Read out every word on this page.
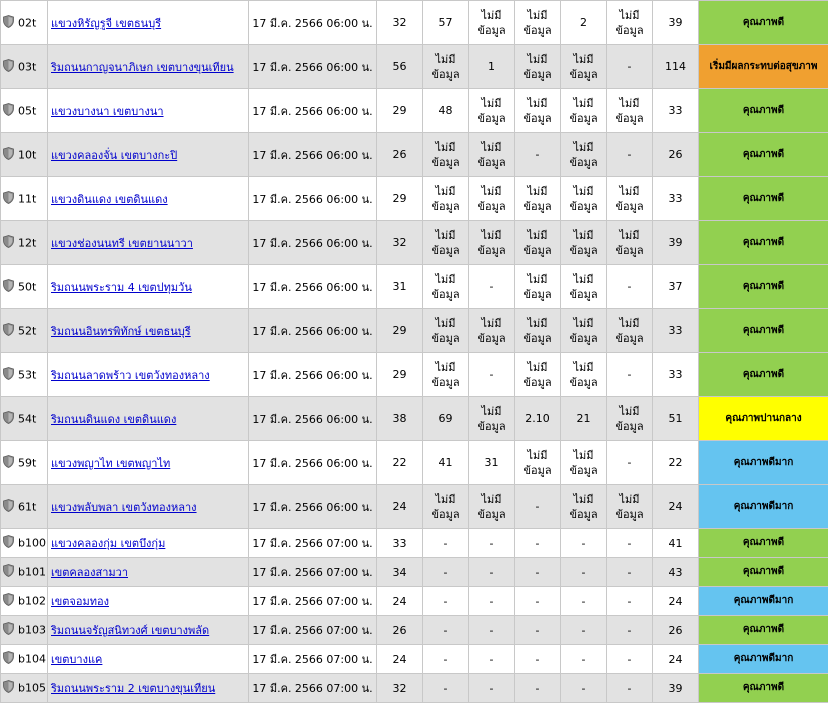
02t	แขวงหิรัญรูจี เขตธนบุรี	17 มี.ค. 2566 06:00 น.	32	57	ไม่มีข้อมูล	ไม่มีข้อมูล	2	ไม่มีข้อมูล	39	คุณภาพดี
03t	ริมถนนกาญจนาภิเษก เขตบางขุนเทียน	17 มี.ค. 2566 06:00 น.	56	ไม่มีข้อมูล	1	ไม่มีข้อมูล	ไม่มีข้อมูล	-	114	เริ่มมีผลกระทบต่อสุขภาพ
05t	แขวงบางนา เขตบางนา	17 มี.ค. 2566 06:00 น.	29	48	ไม่มีข้อมูล	ไม่มีข้อมูล	ไม่มีข้อมูล	ไม่มีข้อมูล	33	คุณภาพดี
10t	แขวงคลองจั่น เขตบางกะปิ	17 มี.ค. 2566 06:00 น.	26	ไม่มีข้อมูล	ไม่มีข้อมูล	-	ไม่มีข้อมูล	-	26	คุณภาพดี
11t	แขวงดินแดง เขตดินแดง	17 มี.ค. 2566 06:00 น.	29	ไม่มีข้อมูล	ไม่มีข้อมูล	ไม่มีข้อมูล	ไม่มีข้อมูล	ไม่มีข้อมูล	33	คุณภาพดี
12t	แขวงช่องนนทรี เขตยานนาวา	17 มี.ค. 2566 06:00 น.	32	ไม่มีข้อมูล	ไม่มีข้อมูล	ไม่มีข้อมูล	ไม่มีข้อมูล	ไม่มีข้อมูล	39	คุณภาพดี
50t	ริมถนนพระราม 4 เขตปทุมวัน	17 มี.ค. 2566 06:00 น.	31	ไม่มีข้อมูล	-	ไม่มีข้อมูล	ไม่มีข้อมูล	-	37	คุณภาพดี
52t	ริมถนนอินทรพิทักษ์ เขตธนบุรี	17 มี.ค. 2566 06:00 น.	29	ไม่มีข้อมูล	ไม่มีข้อมูล	ไม่มีข้อมูล	ไม่มีข้อมูล	ไม่มีข้อมูล	33	คุณภาพดี
53t	ริมถนนลาดพร้าว เขตวังทองหลาง	17 มี.ค. 2566 06:00 น.	29	ไม่มีข้อมูล	-	ไม่มีข้อมูล	ไม่มีข้อมูล	-	33	คุณภาพดี
54t	ริมถนนดินแดง เขตดินแดง	17 มี.ค. 2566 06:00 น.	38	69	ไม่มีข้อมูล	2.10	21	ไม่มีข้อมูล	51	คุณภาพปานกลาง
59t	แขวงพญาไท เขตพญาไท	17 มี.ค. 2566 06:00 น.	22	41	31	ไม่มีข้อมูล	ไม่มีข้อมูล	-	22	คุณภาพดีมาก
61t	แขวงพลับพลา เขตวังทองหลาง	17 มี.ค. 2566 06:00 น.	24	ไม่มีข้อมูล	ไม่มีข้อมูล	-	ไม่มีข้อมูล	ไม่มีข้อมูล	24	คุณภาพดีมาก
b100	แขวงคลองกุ่ม เขตบึงกุ่ม	17 มี.ค. 2566 07:00 น.	33	-	-	-	-	-	41	คุณภาพดี
b101	เขตคลองสามวา	17 มี.ค. 2566 07:00 น.	34	-	-	-	-	-	43	คุณภาพดี
b102	เขตจอมทอง	17 มี.ค. 2566 07:00 น.	24	-	-	-	-	-	24	คุณภาพดีมาก
b103	ริมถนนจรัญสนิทวงศ์ เขตบางพลัด	17 มี.ค. 2566 07:00 น.	26	-	-	-	-	-	26	คุณภาพดี
b104	เขตบางแค	17 มี.ค. 2566 07:00 น.	24	-	-	-	-	-	24	คุณภาพดีมาก
b105	ริมถนนพระราม 2 เขตบางขุนเทียน	17 มี.ค. 2566 07:00 น.	32	-	-	-	-	-	39	คุณภาพดี
